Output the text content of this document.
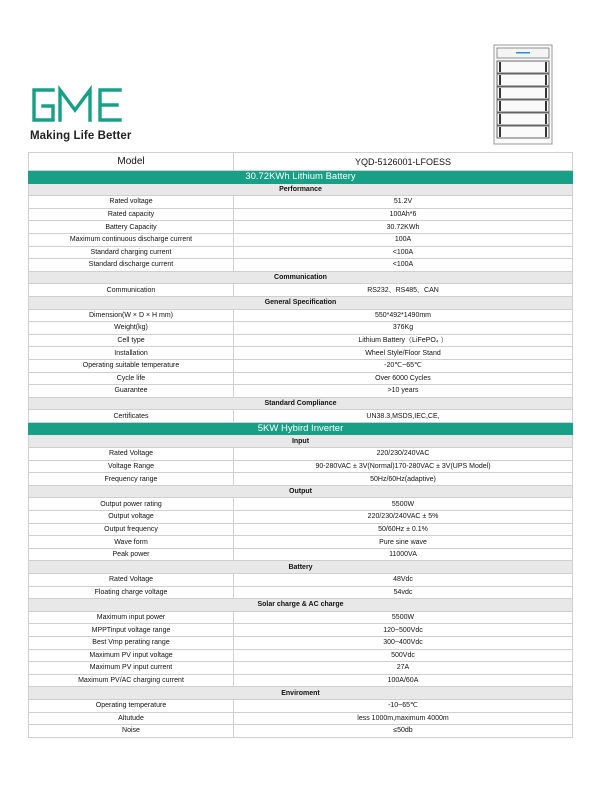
Making Life Better
Model	YQD-5126001-LFOESS
30.72KWh Lithium Battery	
Performance	
Rated voltage	51.2V
Rated capacity	100Ah*6
Battery Capacity	30.72KWh
Maximum continuous discharge current	100A
Standard charging current	<100A
Standard discharge current	<100A
Communication	
Communication	RS232、RS485、CAN
General Specification	
Dimension(W × D × H mm)	550*492*1490mm
Weight(kg)	376Kg
Cell type	Lithium Battery（LiFePO₄ ）
Installation	Wheel Style/Floor Stand
Operating suitable temperature	-20℃~65℃
Cycle life	Over 6000 Cycles
Guarantee	>10 years
Standard Compliance	
Certificates	UN38.3,MSDS,IEC,CE,
5KW Hybird Inverter	
Input	
Rated Voltage	220/230/240VAC
Voltage Range	90-280VAC ± 3V(Normal)170-280VAC ± 3V(UPS Model)
Frequency range	50Hz/60Hz(adaptive)
Output	
Output power rating	5500W
Output voltage	220/230/240VAC ± 5%
Output frequency	50/60Hz ± 0.1%
Wave form	Pure sine wave
Peak power	11000VA
Battery	
Rated Voltage	48Vdc
Floating charge voltage	54vdc
Solar charge & AC charge	
Maximum input power	5500W
MPPTinput voltage range	120~500Vdc
Best Vmp perating range	300~400Vdc
Maximum PV input voltage	500Vdc
Maximum PV input current	27A
Maximum PV/AC charging current	100A/60A
Enviroment	
Operating temperature	-10~65℃
Altutude	less 1000m,maximum 4000m
Noise	≤50db
